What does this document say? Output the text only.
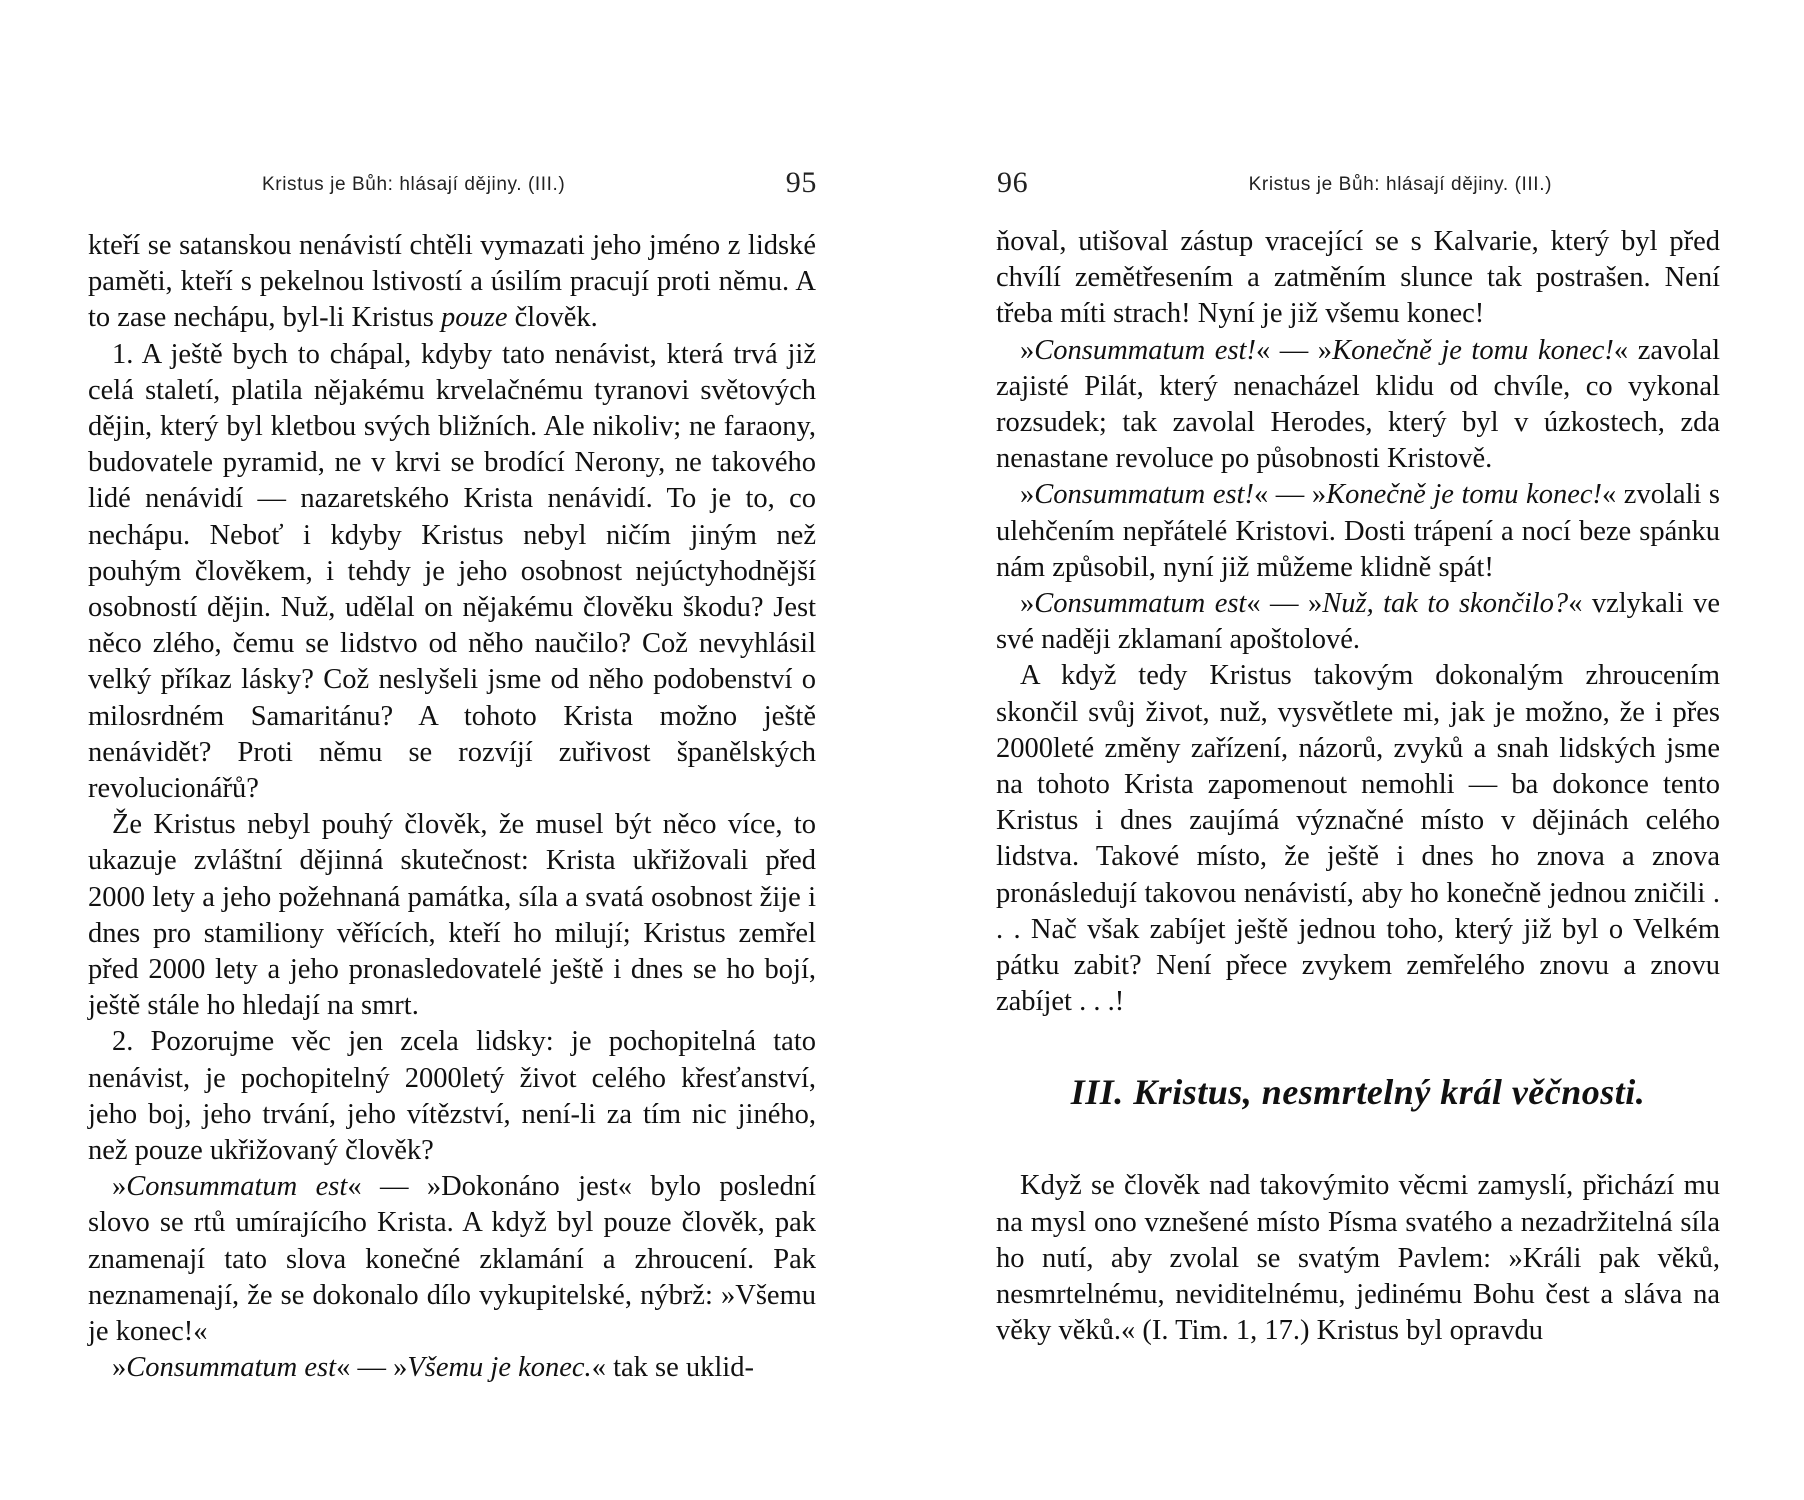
Kristus je Bůh: hlásají dějiny. (III.)	95

kteří se satanskou nenávistí chtěli vymazati jeho jméno z lidské paměti, kteří s pekelnou lstivostí a úsilím pracují proti němu. A to zase nechápu, byl-li Kristus pouze člověk.

1. A ještě bych to chápal, kdyby tato nenávist, která trvá již celá staletí, platila nějakému krvelačnému tyranovi světových dějin, který byl kletbou svých bližních. Ale nikoliv; ne faraony, budovatele pyramid, ne v krvi se brodící Nerony, ne takového lidé nenávidí — nazaretského Krista nenávidí. To je to, co nechápu. Neboť i kdyby Kristus nebyl ničím jiným než pouhým člověkem, i tehdy je jeho osobnost nejúctyhodnější osobností dějin. Nuž, udělal on nějakému člověku škodu? Jest něco zlého, čemu se lidstvo od něho naučilo? Což nevyhlásil velký příkaz lásky? Což neslyšeli jsme od něho podobenství o milosrdném Samaritánu? A tohoto Krista možno ještě nenávidět? Proti němu se rozvíjí zuřivost španělských revolucionářů?

Že Kristus nebyl pouhý člověk, že musel být něco více, to ukazuje zvláštní dějinná skutečnost: Krista ukřižovali před 2000 lety a jeho požehnaná památka, síla a svatá osobnost žije i dnes pro stamiliony věřících, kteří ho milují; Kristus zemřel před 2000 lety a jeho pronasledovatelé ještě i dnes se ho bojí, ještě stále ho hledají na smrt.

2. Pozorujme věc jen zcela lidsky: je pochopitelná tato nenávist, je pochopitelný 2000letý život celého křesťanství, jeho boj, jeho trvání, jeho vítězství, není-li za tím nic jiného, než pouze ukřižovaný člověk?

»Consummatum est« — »Dokonáno jest« bylo poslední slovo se rtů umírajícího Krista. A když byl pouze člověk, pak znamenají tato slova konečné zklamání a zhroucení. Pak neznamenají, že se dokonalo dílo vykupitelské, nýbrž: »Všemu je konec!«

»Consummatum est« — »Všemu je konec.« tak se uklid-

96	Kristus je Bůh: hlásají dějiny. (III.)

ňoval, utišoval zástup vracející se s Kalvarie, který byl před chvílí zemětřesením a zatměním slunce tak postrašen. Není třeba míti strach! Nyní je již všemu konec!

»Consummatum est!« — »Konečně je tomu konec!« zavolal zajisté Pilát, který nenacházel klidu od chvíle, co vykonal rozsudek; tak zavolal Herodes, který byl v úzkostech, zda nenastane revoluce po působnosti Kristově.

»Consummatum est!« — »Konečně je tomu konec!« zvolali s ulehčením nepřátelé Kristovi. Dosti trápení a nocí beze spánku nám způsobil, nyní již můžeme klidně spát!

»Consummatum est« — »Nuž, tak to skončilo?« vzlykali ve své naději zklamaní apoštolové.

A když tedy Kristus takovým dokonalým zhroucením skončil svůj život, nuž, vysvětlete mi, jak je možno, že i přes 2000leté změny zařízení, názorů, zvyků a snah lidských jsme na tohoto Krista zapomenout nemohli — ba dokonce tento Kristus i dnes zaujímá význačné místo v dějinách celého lidstva. Takové místo, že ještě i dnes ho znova a znova pronásledují takovou nenávistí, aby ho konečně jednou zničili . . . Nač však zabíjet ještě jednou toho, který již byl o Velkém pátku zabit? Není přece zvykem zemřelého znovu a znovu zabíjet . . .!

III. Kristus, nesmrtelný král věčnosti.

Když se člověk nad takovýmito věcmi zamyslí, přichází mu na mysl ono vznešené místo Písma svatého a nezadržitelná síla ho nutí, aby zvolal se svatým Pavlem: »Králi pak věků, nesmrtelnému, neviditelnému, jedinému Bohu čest a sláva na věky věků.« (I. Tim. 1, 17.) Kristus byl opravdu
